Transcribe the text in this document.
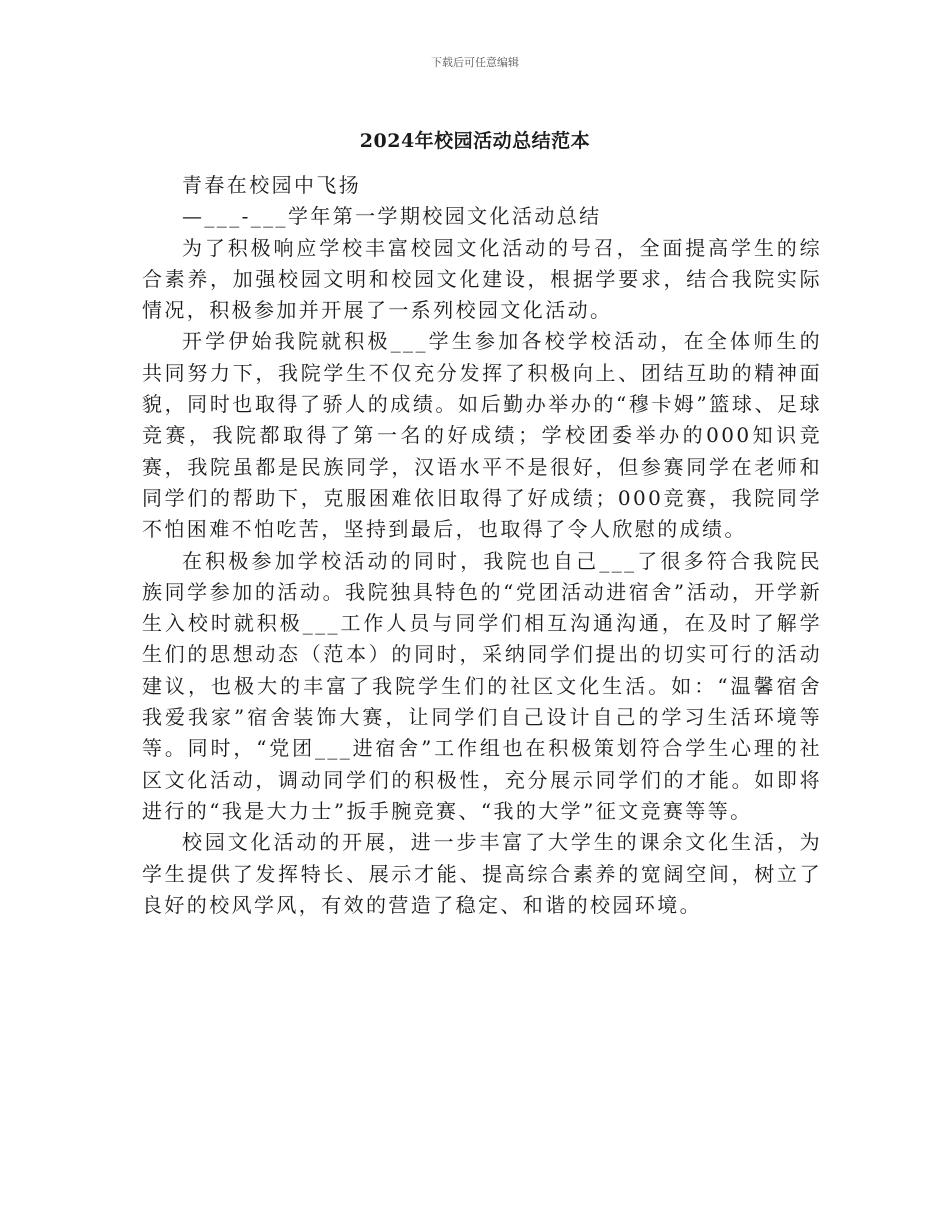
下载后可任意编辑
2024年校园活动总结范本

青春在校园中飞扬

—___-___学年第一学期校园文化活动总结

为了积极响应学校丰富校园文化活动的号召，全面提高学生的综合素养，加强校园文明和校园文化建设，根据学要求，结合我院实际情况，积极参加并开展了一系列校园文化活动。

开学伊始我院就积极___学生参加各校学校活动，在全体师生的共同努力下，我院学生不仅充分发挥了积极向上、团结互助的精神面貌，同时也取得了骄人的成绩。如后勤办举办的“穆卡姆”篮球、足球竞赛，我院都取得了第一名的好成绩；学校团委举办的000知识竞赛，我院虽都是民族同学，汉语水平不是很好，但参赛同学在老师和同学们的帮助下，克服困难依旧取得了好成绩；000竞赛，我院同学不怕困难不怕吃苦，坚持到最后，也取得了令人欣慰的成绩。

在积极参加学校活动的同时，我院也自己___了很多符合我院民族同学参加的活动。我院独具特色的“党团活动进宿舍”活动，开学新生入校时就积极___工作人员与同学们相互沟通沟通，在及时了解学生们的思想动态（范本）的同时，采纳同学们提出的切实可行的活动建议，也极大的丰富了我院学生们的社区文化生活。如：“温馨宿舍我爱我家”宿舍装饰大赛，让同学们自己设计自己的学习生活环境等等。同时，“党团___进宿舍”工作组也在积极策划符合学生心理的社区文化活动，调动同学们的积极性，充分展示同学们的才能。如即将进行的“我是大力士”扳手腕竞赛、“我的大学”征文竞赛等等。

校园文化活动的开展，进一步丰富了大学生的课余文化生活，为学生提供了发挥特长、展示才能、提高综合素养的宽阔空间，树立了良好的校风学风，有效的营造了稳定、和谐的校园环境。
